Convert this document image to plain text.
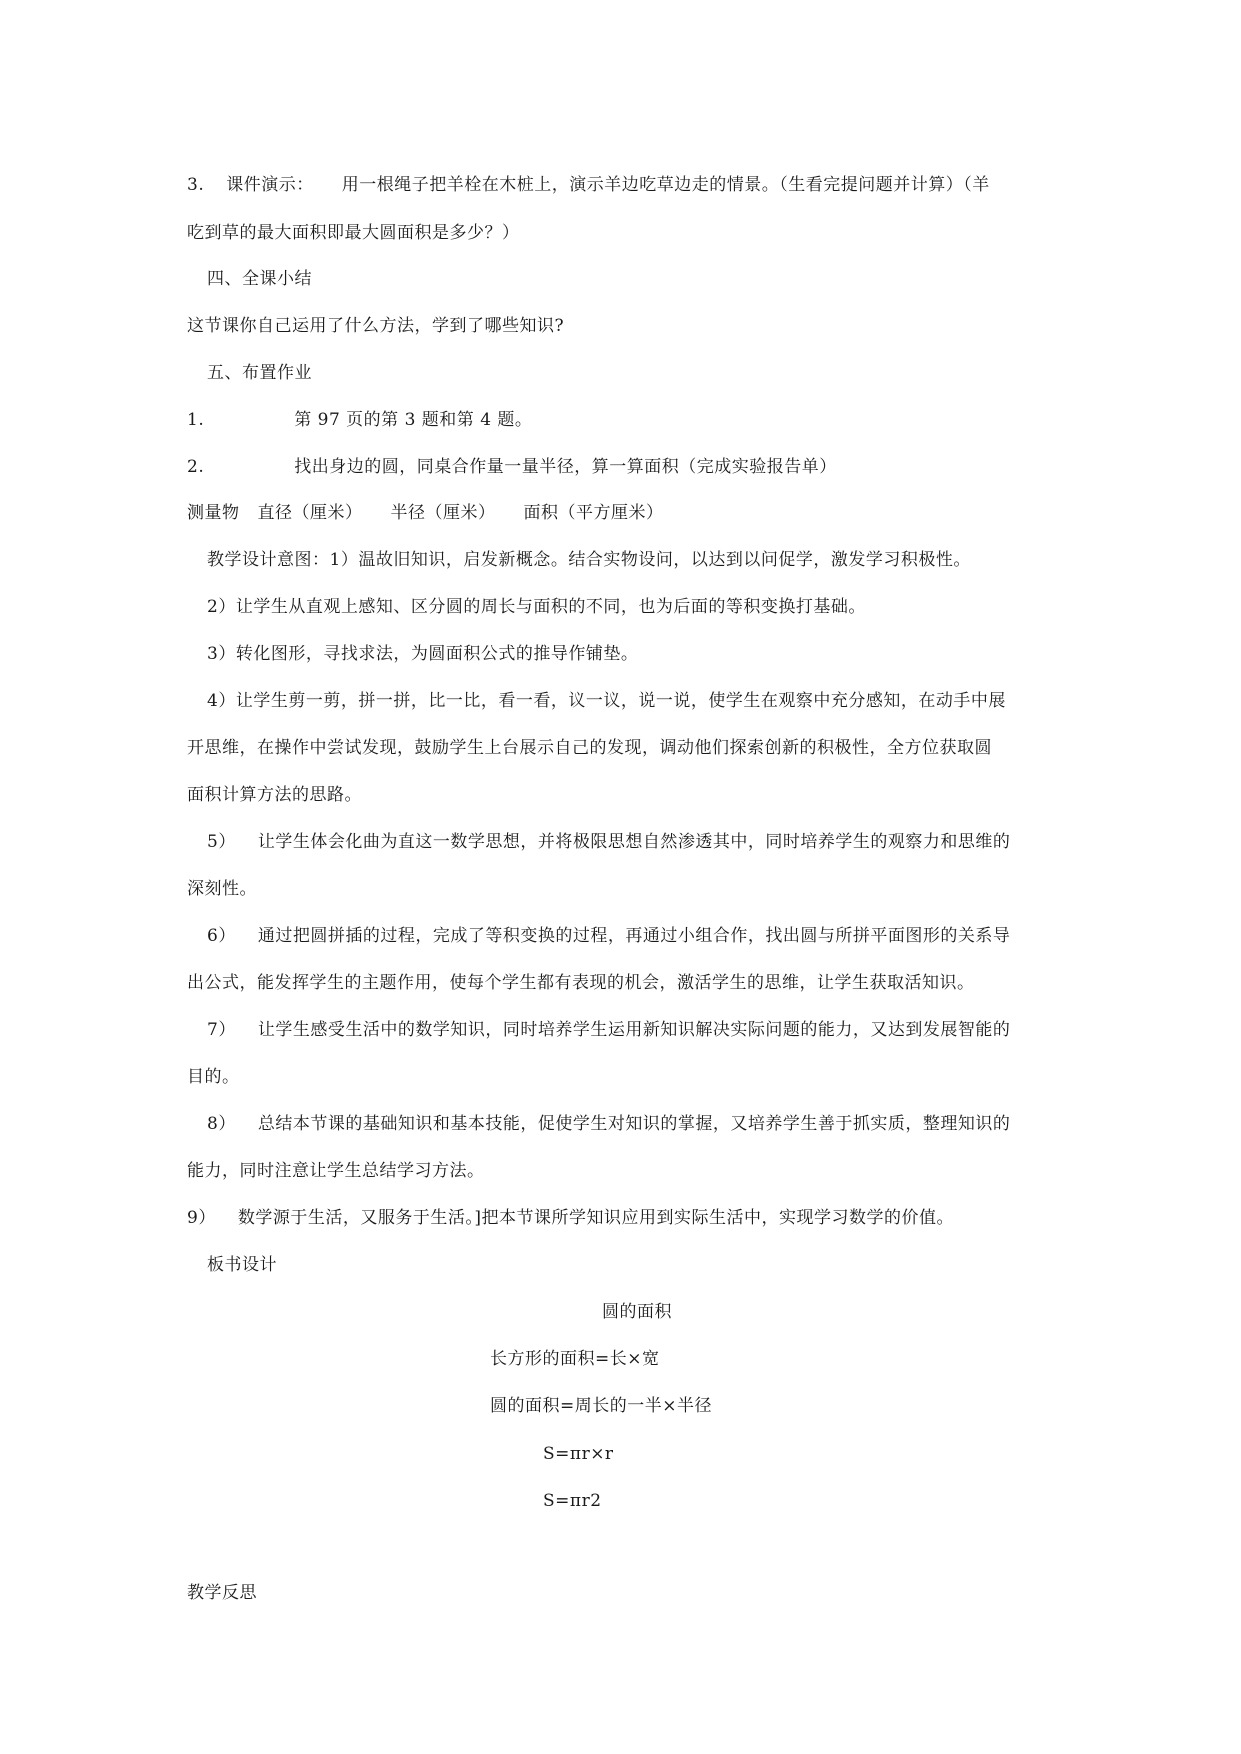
3. 课件演示： 用一根绳子把羊栓在木桩上，演示羊边吃草边走的情景。（生看完提问题并计算）（羊
吃到草的最大面积即最大圆面积是多少？）
四、全课小结
这节课你自己运用了什么方法，学到了哪些知识?
五、布置作业
1.	第 97 页的第 3 题和第 4 题。
2.	找出身边的圆，同桌合作量一量半径，算一算面积（完成实验报告单）
测量物 直径（厘米） 半径（厘米） 面积（平方厘米）
教学设计意图：1）温故旧知识，启发新概念。结合实物设问，以达到以问促学，激发学习积极性。
2）让学生从直观上感知、区分圆的周长与面积的不同，也为后面的等积变换打基础。
3）转化图形，寻找求法，为圆面积公式的推导作铺垫。
4）让学生剪一剪，拼一拼，比一比，看一看，议一议，说一说，使学生在观察中充分感知，在动手中展
开思维，在操作中尝试发现，鼓励学生上台展示自己的发现，调动他们探索创新的积极性，全方位获取圆
面积计算方法的思路。
5） 让学生体会化曲为直这一数学思想，并将极限思想自然渗透其中，同时培养学生的观察力和思维的
深刻性。
6） 通过把圆拼插的过程，完成了等积变换的过程，再通过小组合作，找出圆与所拼平面图形的关系导
出公式，能发挥学生的主题作用，使每个学生都有表现的机会，激活学生的思维，让学生获取活知识。
7） 让学生感受生活中的数学知识，同时培养学生运用新知识解决实际问题的能力，又达到发展智能的
目的。
8） 总结本节课的基础知识和基本技能，促使学生对知识的掌握，又培养学生善于抓实质，整理知识的
能力，同时注意让学生总结学习方法。
9） 数学源于生活，又服务于生活。]把本节课所学知识应用到实际生活中，实现学习数学的价值。
板书设计
圆的面积
长方形的面积=长×宽
圆的面积=周长的一半×半径
S=πr×r
S=πr2
教学反思
